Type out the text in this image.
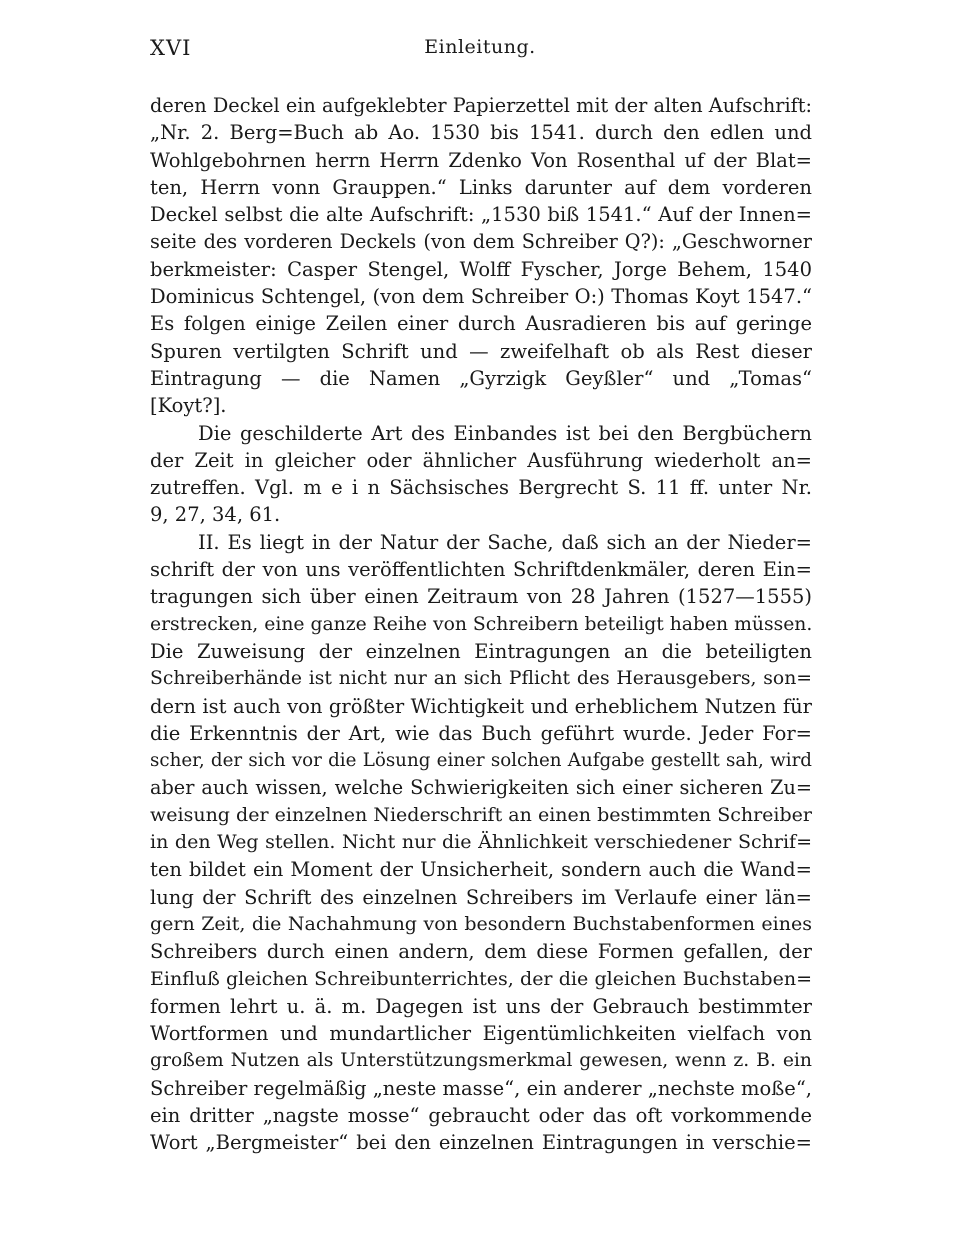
XVI	Einleitung.
deren Deckel ein aufgeklebter Papierzettel mit der alten Aufschrift:
„Nr. 2. Berg=Buch ab Ao. 1530 bis 1541. durch den edlen und
Wohlgebohrnen herrn Herrn Zdenko Von Rosenthal uf der Blat=
ten, Herrn vonn Grauppen.“ Links darunter auf dem vorderen
Deckel selbst die alte Aufschrift: „1530 biß 1541.“ Auf der Innen=
seite des vorderen Deckels (von dem Schreiber Q?): „Geschworner
berkmeister: Casper Stengel, Wolff Fyscher, Jorge Behem, 1540
Dominicus Schtengel, (von dem Schreiber O:) Thomas Koyt 1547.“
Es folgen einige Zeilen einer durch Ausradieren bis auf geringe
Spuren vertilgten Schrift und — zweifelhaft ob als Rest dieser
Eintragung — die Namen „Gyrzigk Geyßler“ und „Tomas“
[Koyt?].
Die geschilderte Art des Einbandes ist bei den Bergbüchern
der Zeit in gleicher oder ähnlicher Ausführung wiederholt an=
zutreffen. Vgl. m e i n Sächsisches Bergrecht S. 11 ff. unter Nr.
9, 27, 34, 61.
II. Es liegt in der Natur der Sache, daß sich an der Nieder=
schrift der von uns veröffentlichten Schriftdenkmäler, deren Ein=
tragungen sich über einen Zeitraum von 28 Jahren (1527—1555)
erstrecken, eine ganze Reihe von Schreibern beteiligt haben müssen.
Die Zuweisung der einzelnen Eintragungen an die beteiligten
Schreiberhände ist nicht nur an sich Pflicht des Herausgebers, son=
dern ist auch von größter Wichtigkeit und erheblichem Nutzen für
die Erkenntnis der Art, wie das Buch geführt wurde. Jeder For=
scher, der sich vor die Lösung einer solchen Aufgabe gestellt sah, wird
aber auch wissen, welche Schwierigkeiten sich einer sicheren Zu=
weisung der einzelnen Niederschrift an einen bestimmten Schreiber
in den Weg stellen. Nicht nur die Ähnlichkeit verschiedener Schrif=
ten bildet ein Moment der Unsicherheit, sondern auch die Wand=
lung der Schrift des einzelnen Schreibers im Verlaufe einer län=
gern Zeit, die Nachahmung von besondern Buchstabenformen eines
Schreibers durch einen andern, dem diese Formen gefallen, der
Einfluß gleichen Schreibunterrichtes, der die gleichen Buchstaben=
formen lehrt u. ä. m. Dagegen ist uns der Gebrauch bestimmter
Wortformen und mundartlicher Eigentümlichkeiten vielfach von
großem Nutzen als Unterstützungsmerkmal gewesen, wenn z. B. ein
Schreiber regelmäßig „neste masse“, ein anderer „nechste moße“,
ein dritter „nagste mosse“ gebraucht oder das oft vorkommende
Wort „Bergmeister“ bei den einzelnen Eintragungen in verschie=
